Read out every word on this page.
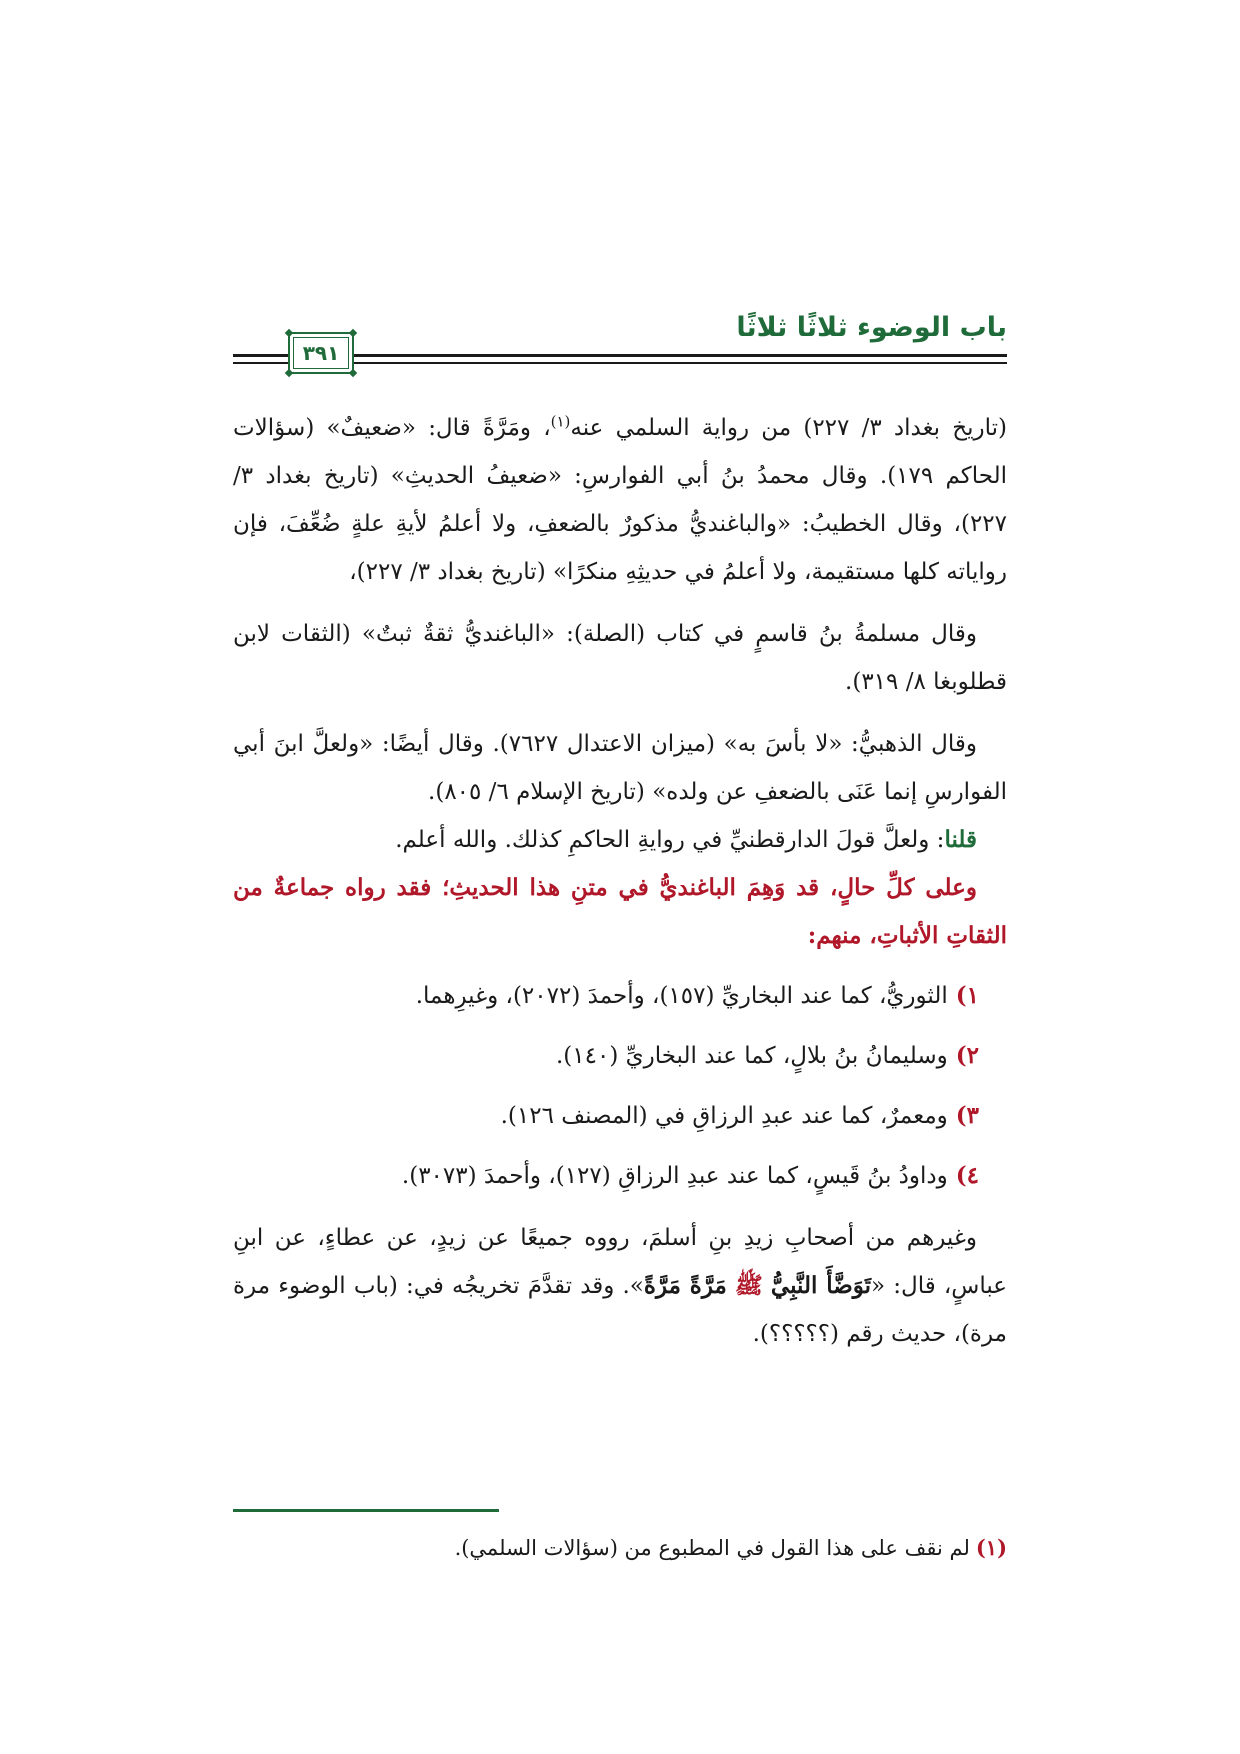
باب الوضوء ثلاثًا ثلاثًا
٣٩١

(تاريخ بغداد ٣/ ٢٢٧) من رواية السلمي عنه$^{(١)}$، ومَرَّةً قال: «ضعيفٌ» (سؤالات الحاكم ١٧٩). وقال محمدُ بنُ أبي الفوارسِ: «ضعيفُ الحديثِ» (تاريخ بغداد ٣/ ٢٢٧)، وقال الخطيبُ: «والباغنديُّ مذكورٌ بالضعفِ، ولا أعلمُ لأيةِ علةٍ ضُعِّفَ، فإن رواياته كلها مستقيمة، ولا أعلمُ في حديثِهِ منكرًا» (تاريخ بغداد ٣/ ٢٢٧)،

وقال مسلمةُ بنُ قاسمٍ في كتاب (الصلة): «الباغنديُّ ثقةٌ ثبتٌ» (الثقات لابن قطلوبغا ٨/ ٣١٩).

وقال الذهبيُّ: «لا بأسَ به» (ميزان الاعتدال ٧٦٢٧). وقال أيضًا: «ولعلَّ ابنَ أبي الفوارسِ إنما عَنَى بالضعفِ عن ولده» (تاريخ الإسلام ٦/ ٨٠٥).

قلنا: ولعلَّ قولَ الدارقطنيِّ في روايةِ الحاكمِ كذلك. والله أعلم.

وعلى كلِّ حالٍ، قد وَهِمَ الباغنديُّ في متنِ هذا الحديثِ؛ فقد رواه جماعةٌ من الثقاتِ الأثباتِ، منهم:

١)الثوريُّ، كما عند البخاريِّ (١٥٧)، وأحمدَ (٢٠٧٢)، وغيرِهما.

٢)وسليمانُ بنُ بلالٍ، كما عند البخاريِّ (١٤٠).

٣)ومعمرٌ، كما عند عبدِ الرزاقِ في (المصنف ١٢٦).

٤)وداودُ بنُ قَيسٍ، كما عند عبدِ الرزاقِ (١٢٧)، وأحمدَ (٣٠٧٣).

وغيرهم من أصحابِ زيدِ بنِ أسلمَ، رووه جميعًا عن زيدٍ، عن عطاءٍ، عن ابنِ عباسٍ، قال: «تَوَضَّأَ النَّبِيُّ ﷺ مَرَّةً مَرَّةً». وقد تقدَّمَ تخريجُه في: (باب الوضوء مرة مرة)، حديث رقم (؟؟؟؟؟).

(١)لم نقف على هذا القول في المطبوع من (سؤالات السلمي).
